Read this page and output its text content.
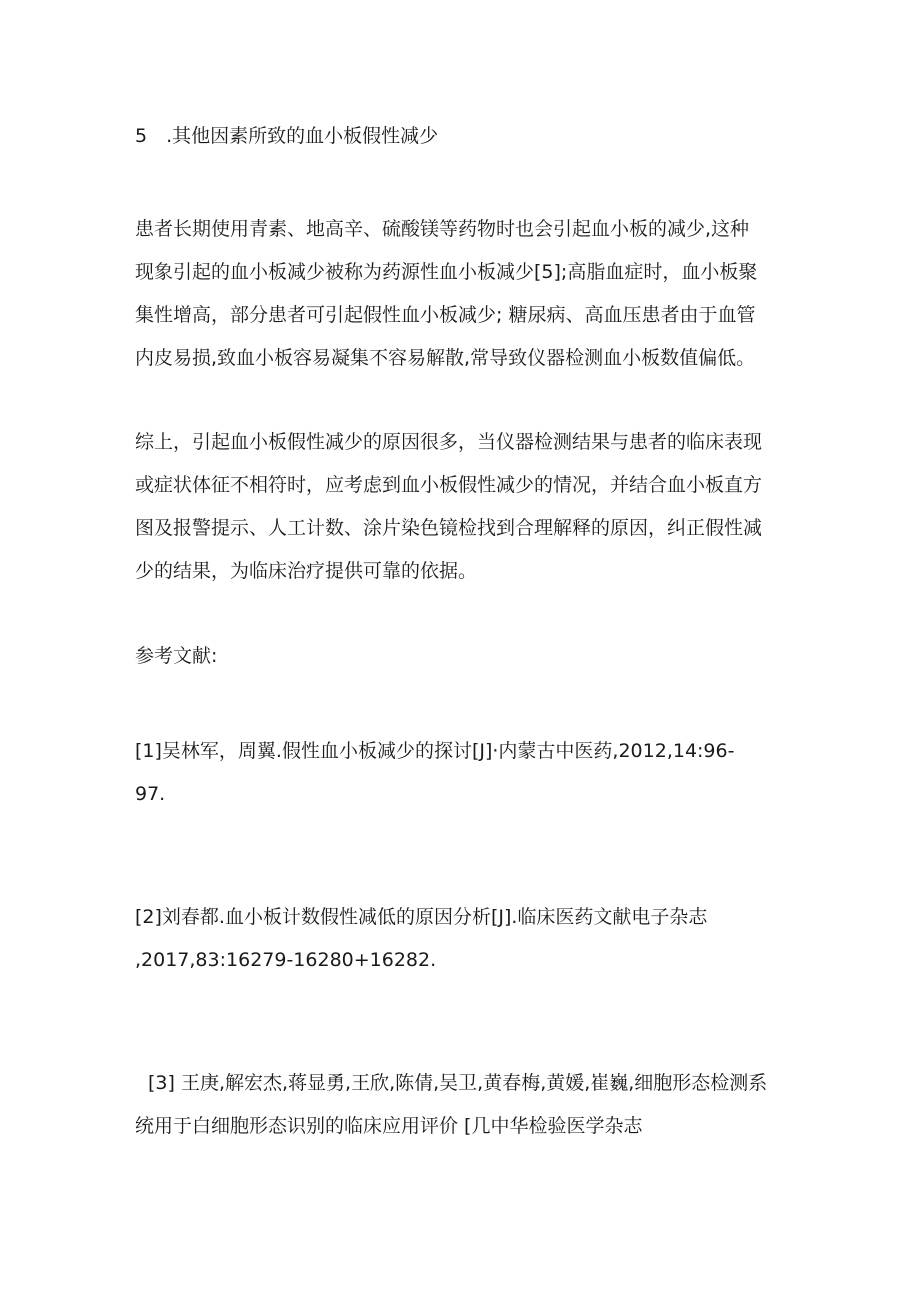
5　.其他因素所致的血小板假性减少
患者长期使用青素、地高辛、硫酸镁等药物时也会引起血小板的减少,这种
现象引起的血小板减少被称为药源性血小板减少[5];高脂血症时，血小板聚
集性增高，部分患者可引起假性血小板减少; 糖尿病、高血压患者由于血管
内皮易损,致血小板容易凝集不容易解散,常导致仪器检测血小板数值偏低。
综上，引起血小板假性减少的原因很多，当仪器检测结果与患者的临床表现
或症状体征不相符时，应考虑到血小板假性减少的情况，并结合血小板直方
图及报警提示、人工计数、涂片染色镜检找到合理解释的原因，纠正假性减
少的结果，为临床治疗提供可靠的依据。
参考文献:
[1]吴林军，周翼.假性血小板减少的探讨[J]·内蒙古中医药,2012,14:96-
97.
[2]刘春都.血小板计数假性减低的原因分析[J].临床医药文献电子杂志
,2017,83:16279-16280+16282.
[3] 王庚,解宏杰,蒋显勇,王欣,陈倩,吴卫,黄春梅,黄媛,崔巍,细胞形态检测系
统用于白细胞形态识别的临床应用评价 [几中华检验医学杂志
